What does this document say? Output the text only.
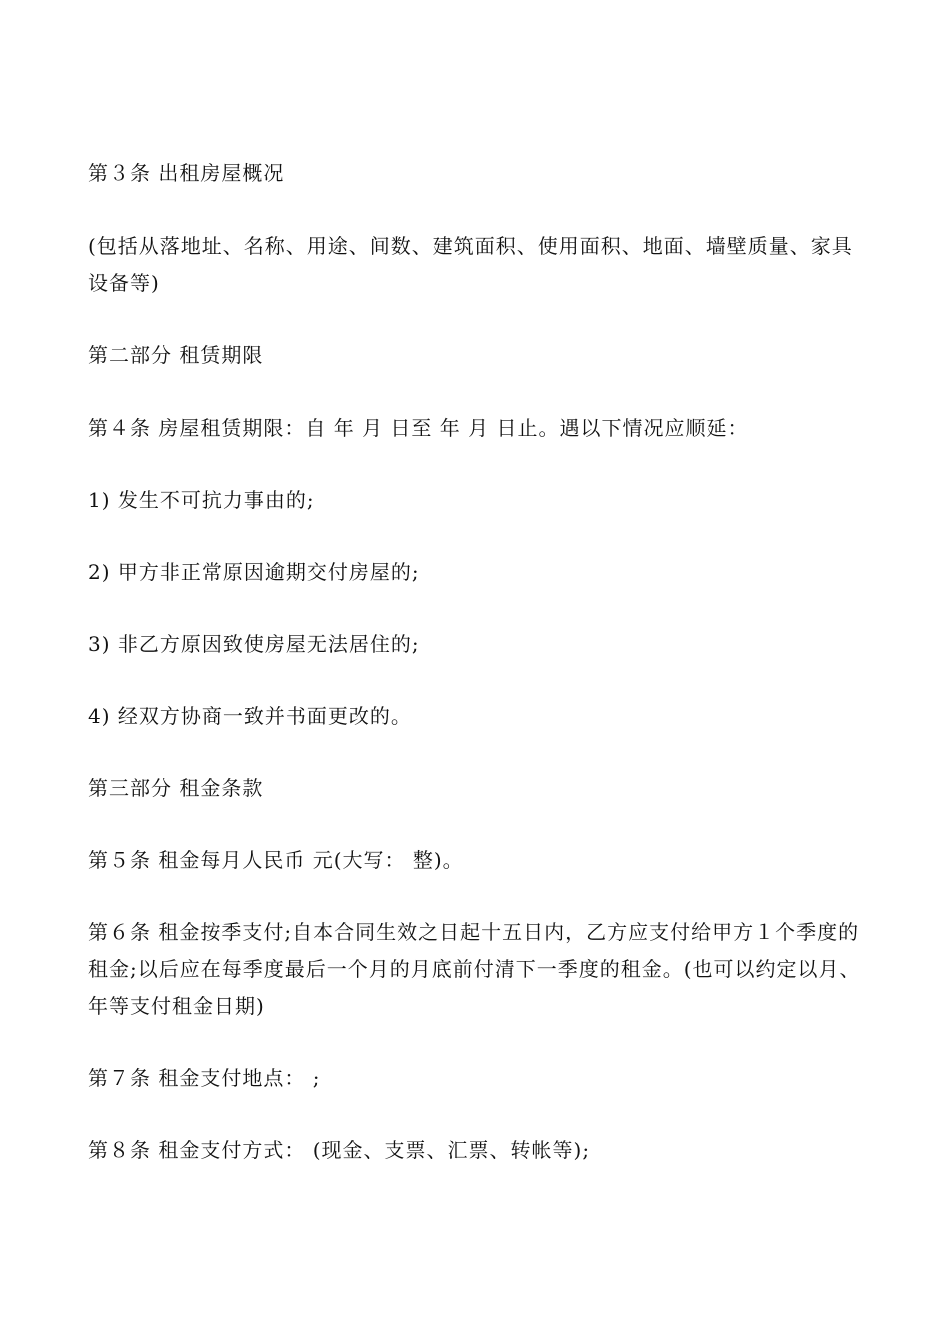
第３条 出租房屋概况

(包括从落地址、名称、用途、间数、建筑面积、使用面积、地面、墙壁质量、家具设备等)

第二部分 租赁期限

第４条 房屋租赁期限：自 年 月 日至 年 月 日止。遇以下情况应顺延：

1) 发生不可抗力事由的;

2) 甲方非正常原因逾期交付房屋的;

3) 非乙方原因致使房屋无法居住的;

4) 经双方协商一致并书面更改的。

第三部分 租金条款

第５条 租金每月人民币 元(大写： 整)。

第６条 租金按季支付;自本合同生效之日起十五日内，乙方应支付给甲方１个季度的租金;以后应在每季度最后一个月的月底前付清下一季度的租金。(也可以约定以月、年等支付租金日期)

第７条 租金支付地点： ;

第８条 租金支付方式： (现金、支票、汇票、转帐等);
